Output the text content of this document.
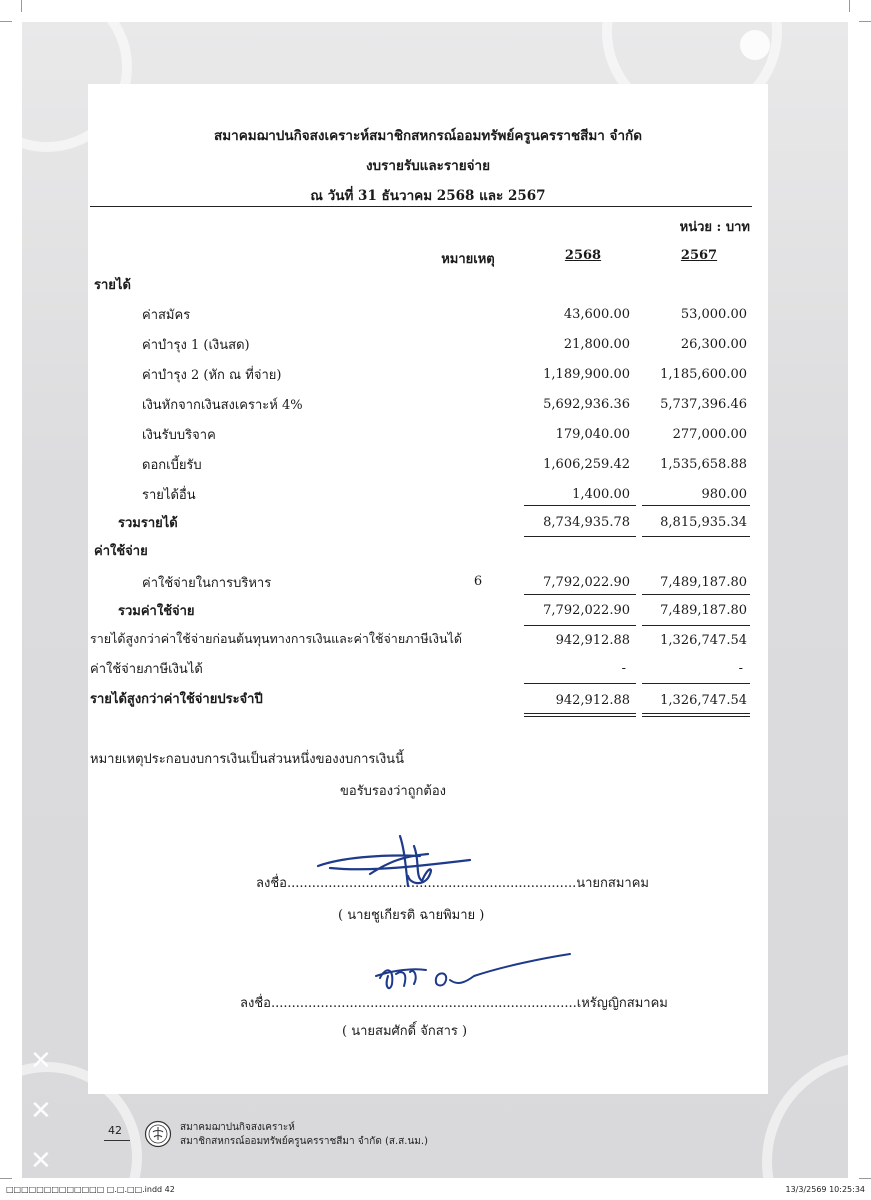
✕
✕
✕
สมาคมฌาปนกิจสงเคราะห์สมาชิกสหกรณ์ออมทรัพย์ครูนครราชสีมา จำกัด
งบรายรับและรายจ่าย
ณ วันที่ 31 ธันวาคม 2568 และ 2567
หน่วย : บาท
หมายเหตุ	2568	2567
รายได้
ค่าสมัคร	43,600.00	53,000.00
ค่าบำรุง 1 (เงินสด)	21,800.00	26,300.00
ค่าบำรุง 2 (หัก ณ ที่จ่าย)	1,189,900.00	1,185,600.00
เงินหักจากเงินสงเคราะห์ 4%	5,692,936.36	5,737,396.46
เงินรับบริจาค	179,040.00	277,000.00
ดอกเบี้ยรับ	1,606,259.42	1,535,658.88
รายได้อื่น	1,400.00	980.00
รวมรายได้	8,734,935.78	8,815,935.34
ค่าใช้จ่าย
ค่าใช้จ่ายในการบริหาร	6	7,792,022.90	7,489,187.80
รวมค่าใช้จ่าย	7,792,022.90	7,489,187.80
รายได้สูงกว่าค่าใช้จ่ายก่อนต้นทุนทางการเงินและค่าใช้จ่ายภาษีเงินได้	942,912.88	1,326,747.54
ค่าใช้จ่ายภาษีเงินได้	-	-
รายได้สูงกว่าค่าใช้จ่ายประจำปี	942,912.88	1,326,747.54
หมายเหตุประกอบงบการเงินเป็นส่วนหนึ่งของงบการเงินนี้
ขอรับรองว่าถูกต้อง
ลงชื่อ......................................................................นายกสมาคม
( นายชูเกียรติ ฉายพิมาย )
ลงชื่อ..........................................................................เหรัญญิกสมาคม
( นายสมศักดิ์ จักสาร )
42	สมาคมฌาปนกิจสงเคราะห์
สมาชิกสหกรณ์ออมทรัพย์ครูนครราชสีมา จำกัด (ส.ส.นม.)
□□□□□□□□□□□□□ □.□.□□.indd 42	13/3/2569 10:25:34
